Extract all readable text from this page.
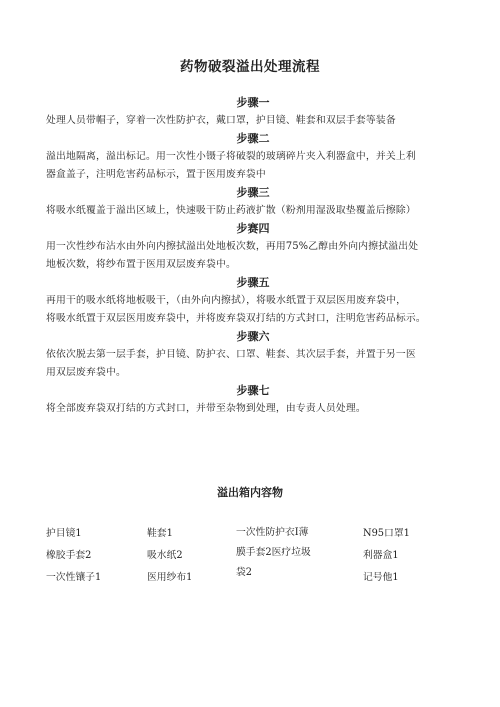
药物破裂溢出处理流程
步骤一
处理人员带帽子，穿着一次性防护衣，戴口罩，护目镜、鞋套和双层手套等装备
步骤二
溢出地隔离，溢出标记。用一次性小镊子将破裂的玻璃碎片夹入利器盒中，并关上利
器盒盖子，注明危害药品标示，置于医用废弃袋中
步骤三
将吸水纸覆盖于溢出区域上，快速吸干防止药液扩散（粉剂用湿汲取垫覆盖后擦除）
步赛四
用一次性纱布沾水由外向内擦拭溢出处地板次数，再用75%乙醇由外向内擦拭溢出处
地板次数，将纱布置于医用双层废弃袋中。
步骤五
再用干的吸水纸将地板吸干，（由外向内擦拭），将吸水纸置于双层医用废弃袋中，
将吸水纸置于双层医用废弃袋中，并将废弃袋双打结的方式封口，注明危害药品标示。
步骤六
依依次脱去第一层手套，护目镜、防护衣、口罩、鞋套、其次层手套，并置于另一医
用双层废弃袋中。
步骤七
将全部废弃袋双打结的方式封口，并带至杂物到处理，由专责人员处理。
溢出箱内容物
护目镜1
橡胶手套2
一次性镶子1
鞋套1
吸水纸2
医用纱布1
一次性防护衣I薄
膜手套2医疗垃圾
袋2
N95口罩1
利器盒1
记号他1
